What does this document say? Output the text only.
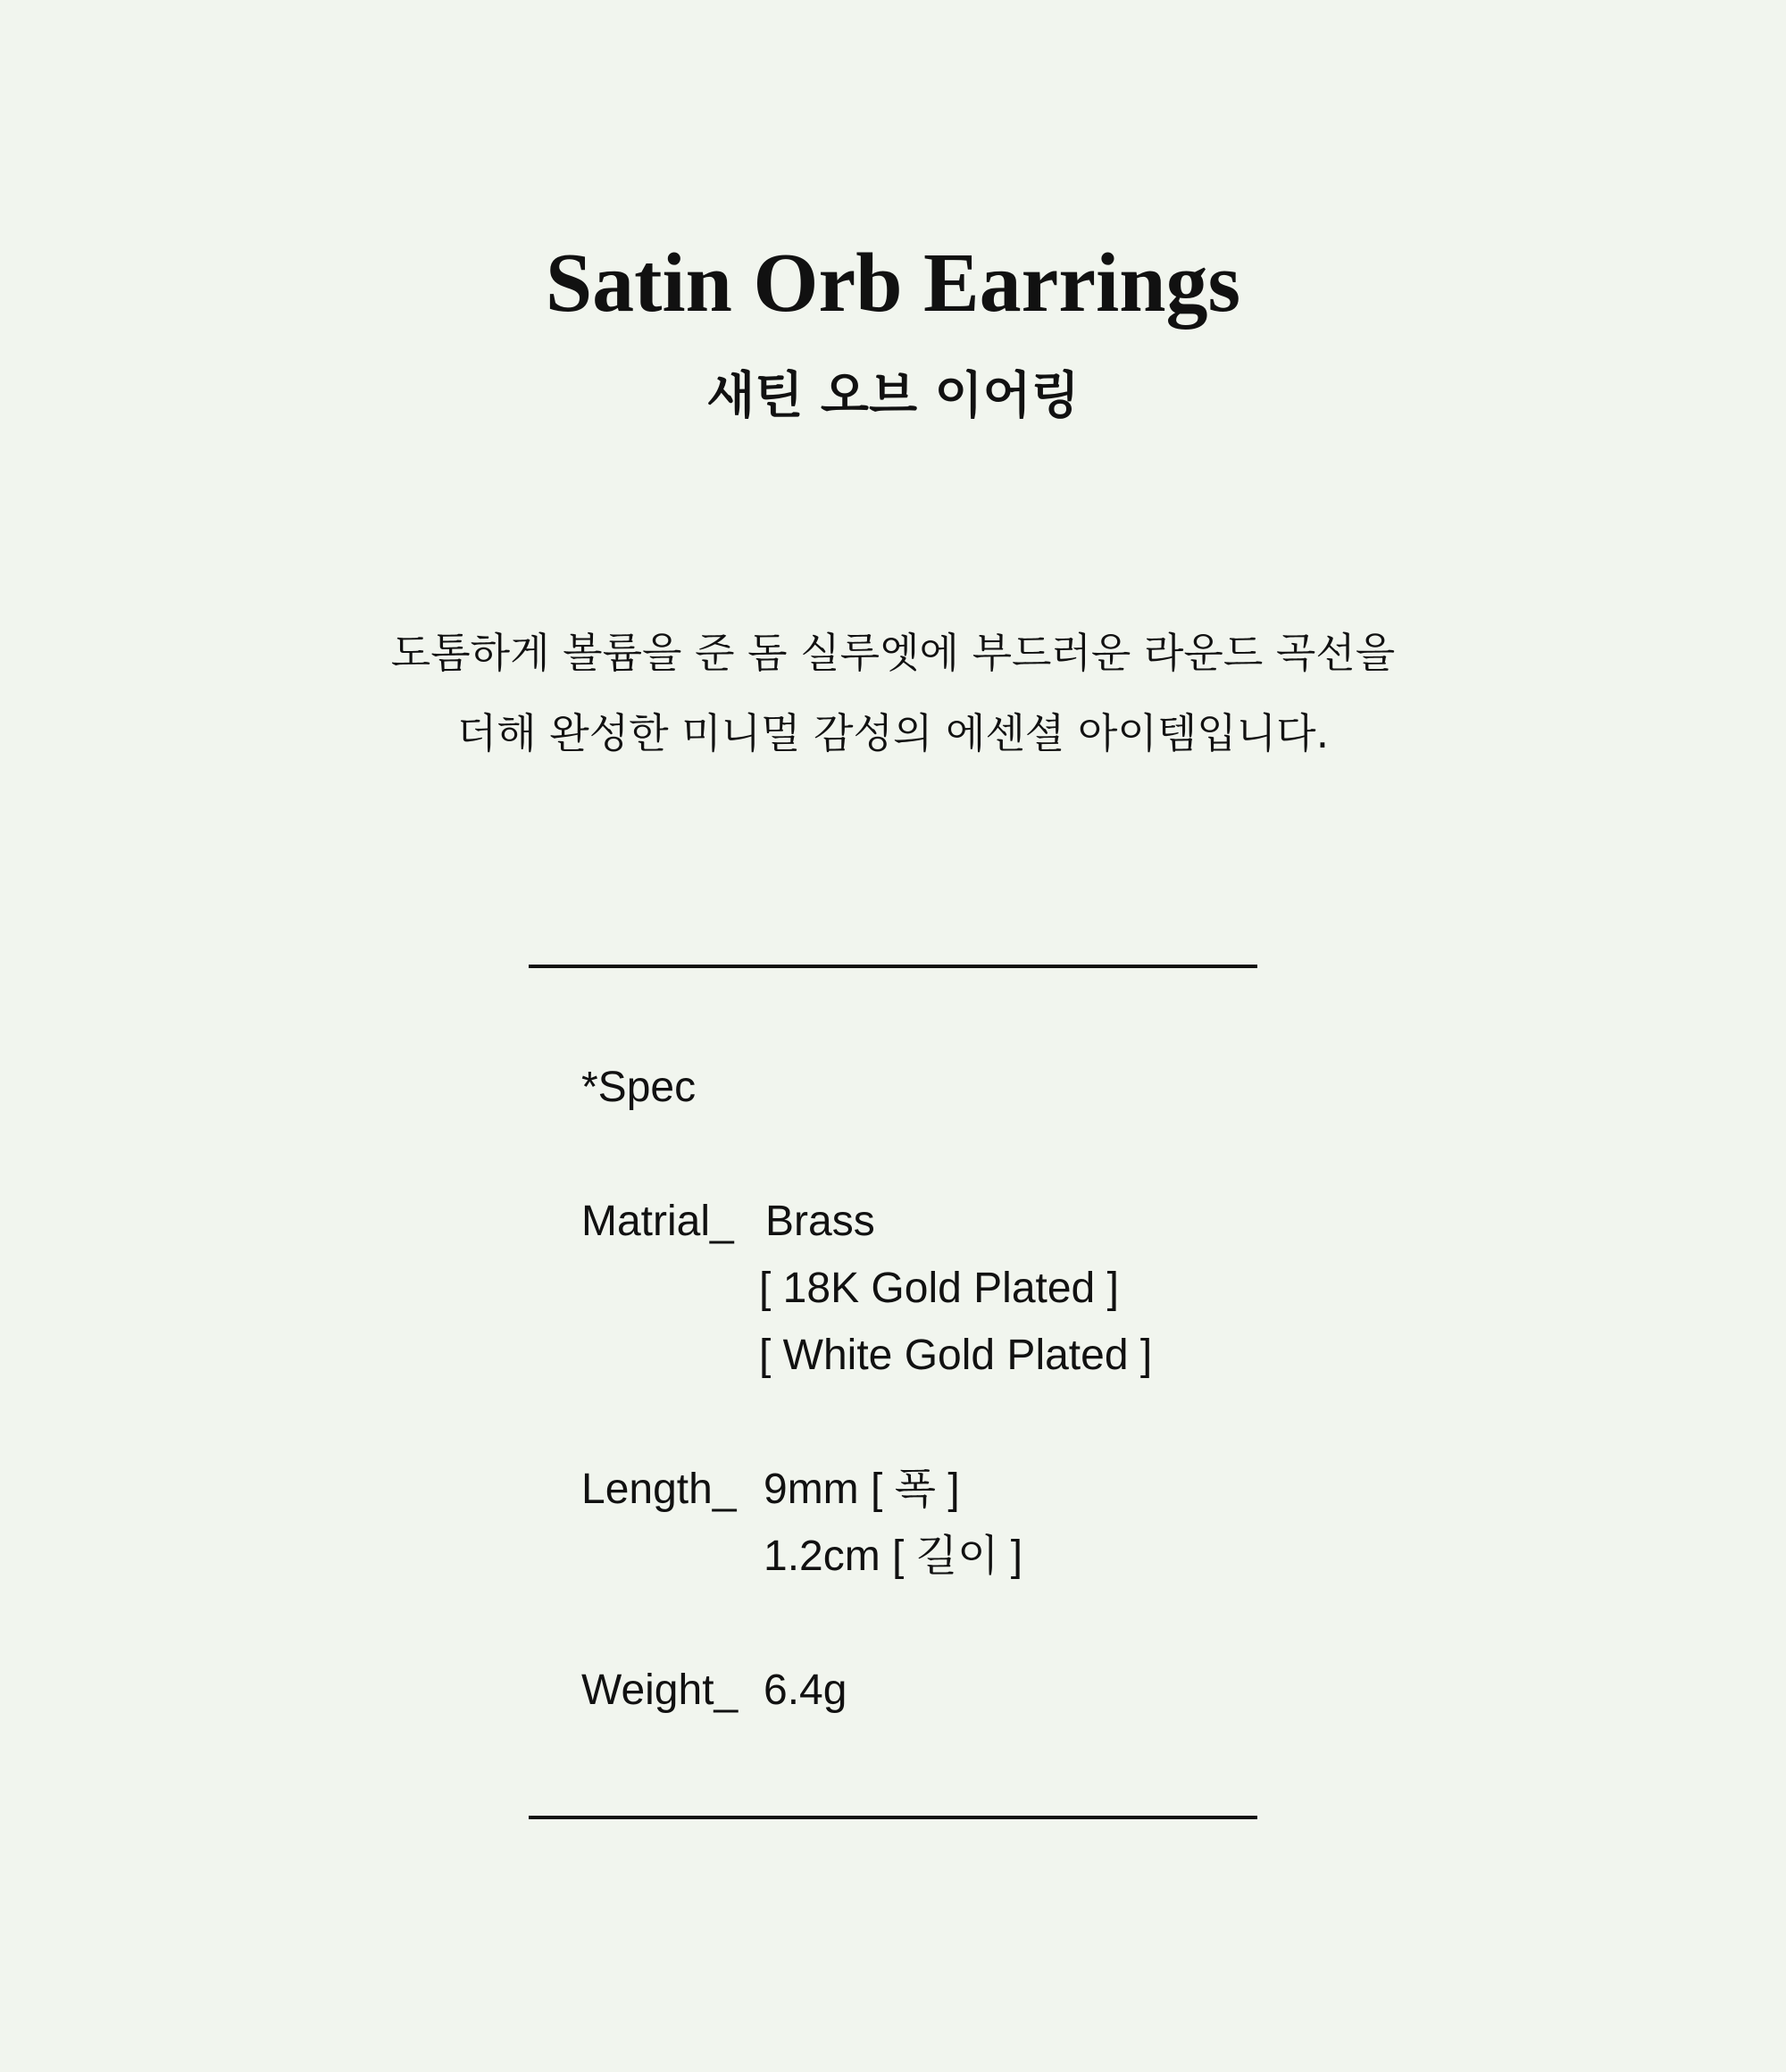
Satin Orb Earrings
새틴 오브 이어링

도톰하게 볼륨을 준 돔 실루엣에 부드러운 라운드 곡선을
더해 완성한 미니멀 감성의 에센셜 아이템입니다.

*Spec
Matrial_ Brass
[ 18K Gold Plated ]
[ White Gold Plated ]
Length_ 9mm [ 폭 ]
1.2cm [ 길이 ]
Weight_ 6.4g
